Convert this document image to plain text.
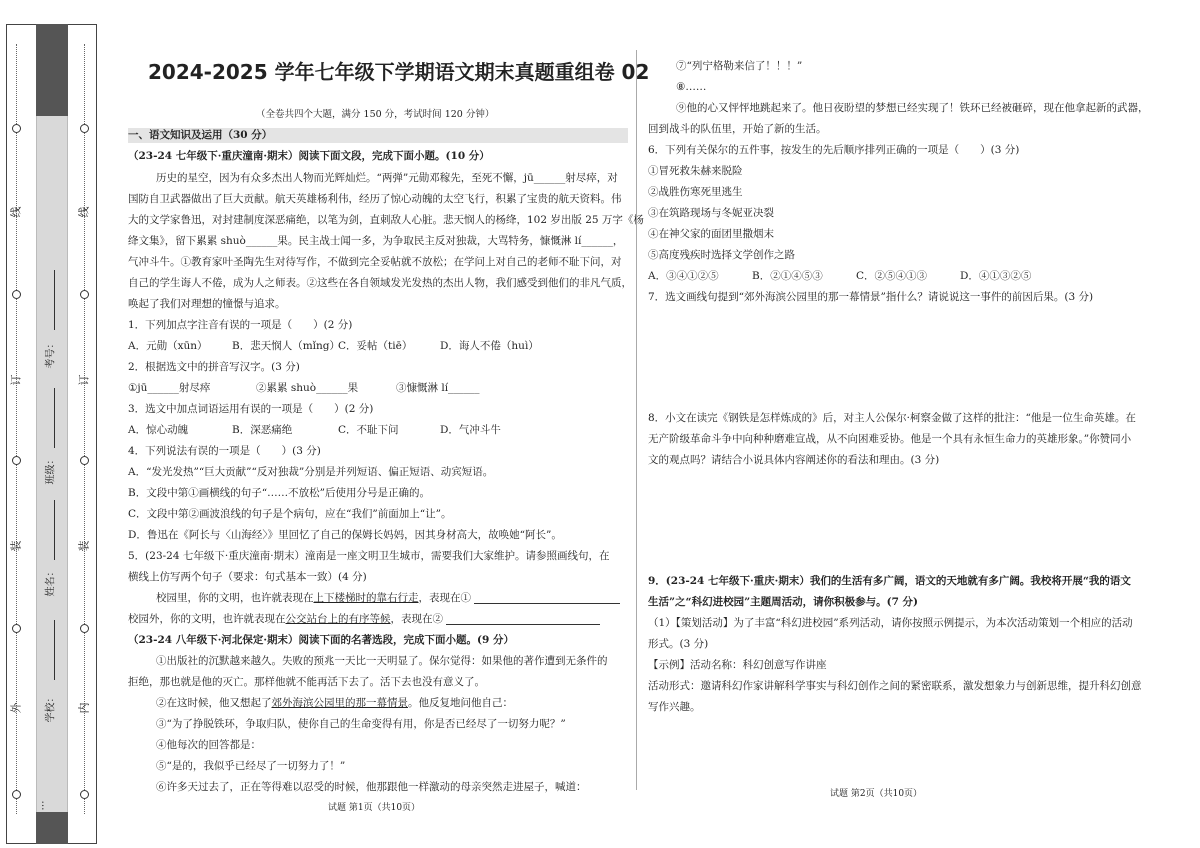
外
订
装
线
内
订
装
线
学校：
姓名：
班级：
考号：
…
2024-2025 学年七年级下学期语文期末真题重组卷 02
（全卷共四个大题，满分 150 分，考试时间 120 分钟）
一、语文知识及运用（30 分）
（23-24 七年级下·重庆潼南·期末）阅读下面文段，完成下面小题。(10 分）
历史的星空，因为有众多杰出人物而光辉灿烂。“两弹”元勋邓稼先，至死不懈，jū______射尽瘁，对
国防自卫武器做出了巨大贡献。航天英雄杨利伟，经历了惊心动魄的太空飞行，积累了宝贵的航天资料。伟
大的文学家鲁迅，对封建制度深恶痛绝，以笔为剑，直刺敌人心脏。悲天悯人的杨绛，102 岁出版 25 万字《杨
绛文集》，留下累累 shuò______果。民主战士闻一多，为争取民主反对独裁，大骂特务，慷慨淋 lí______，
气冲斗牛。①教育家叶圣陶先生对待写作，不做到完全妥帖就不放松；在学问上对自己的老师不耻下问，对
自己的学生诲人不倦，成为人之师表。②这些在各自领域发光发热的杰出人物，我们感受到他们的非凡气质，
唤起了我们对理想的憧憬与追求。
1．下列加点字注音有误的一项是（　　）(2 分)
A．元勋（xūn） B．悲天悯人（mǐng）
C．妥帖（tiē）	D．诲人不倦（huì）
2．根据选文中的拼音写汉字。(3 分)
①jū______射尽瘁	②累累 shuò______果	③慷慨淋 lí______
3．选文中加点词语运用有误的一项是（　　）(2 分)
A．惊心动魄	B．深恶痛绝	C．不耻下问	D．气冲斗牛
4．下列说法有误的一项是（　　）(3 分)
A．“发光发热”“巨大贡献”“反对独裁”分别是并列短语、偏正短语、动宾短语。
B．文段中第①画横线的句子“……不放松”后使用分号是正确的。
C．文段中第②画波浪线的句子是个病句，应在“我们”前面加上“让”。
D．鲁迅在《阿长与〈山海经〉》里回忆了自己的保姆长妈妈，因其身材高大，故唤她“阿长”。
5．(23-24 七年级下·重庆潼南·期末）潼南是一座文明卫生城市，需要我们大家维护。请参照画线句，在
横线上仿写两个句子（要求：句式基本一致）(4 分)
校园里，你的文明，也许就表现在上下楼梯时的靠右行走，表现在①
校园外，你的文明，也许就表现在公交站台上的有序等候，表现在②
（23-24 八年级下·河北保定·期末）阅读下面的名著选段，完成下面小题。(9 分）
①出版社的沉默越来越久。失败的预兆一天比一天明显了。保尔觉得：如果他的著作遭到无条件的
拒绝，那也就是他的灭亡。那样他就不能再活下去了。活下去也没有意义了。
②在这时候，他又想起了郊外海滨公园里的那一幕情景。他反复地问他自己：
③“为了挣脱铁环，争取归队，使你自己的生命变得有用，你是否已经尽了一切努力呢？”
④他每次的回答都是：
⑤“是的，我似乎已经尽了一切努力了！”
⑥许多天过去了，正在等得难以忍受的时候，他那跟他一样激动的母亲突然走进屋子，喊道：
试题 第1页（共10页）
⑦“列宁格勒来信了！！！”
⑧……
⑨他的心又怦怦地跳起来了。他日夜盼望的梦想已经实现了！铁环已经被砸碎，现在他拿起新的武器，
回到战斗的队伍里，开始了新的生活。
6．下列有关保尔的五件事，按发生的先后顺序排列正确的一项是（　　）(3 分)
①冒死救朱赫来脱险
②战胜伤寒死里逃生
③在筑路现场与冬妮亚决裂
④在神父家的面团里撒烟末
⑤高度残疾时选择文学创作之路
A．③④①②⑤	B．②①④⑤③	C．②⑤④①③	D．④①③②⑤
7．选文画线句提到“郊外海滨公园里的那一幕情景”指什么？请说说这一事件的前因后果。(3 分)
8．小文在读完《钢铁是怎样炼成的》后，对主人公保尔·柯察金做了这样的批注：“他是一位生命英雄。在
无产阶级革命斗争中向种种磨难宣战，从不向困难妥协。他是一个具有永恒生命力的英雄形象。”你赞同小
文的观点吗？请结合小说具体内容阐述你的看法和理由。(3 分)
9．(23-24 七年级下·重庆·期末）我们的生活有多广阔，语文的天地就有多广阔。我校将开展“我的语文
生活”之“科幻进校园”主题周活动，请你积极参与。(7 分)
（1）【策划活动】为了丰富“科幻进校园”系列活动，请你按照示例提示，为本次活动策划一个相应的活动
形式。(3 分)
【示例】活动名称：科幻创意写作讲座
活动形式：邀请科幻作家讲解科学事实与科幻创作之间的紧密联系，激发想象力与创新思维，提升科幻创意
写作兴趣。
试题 第2页（共10页）
